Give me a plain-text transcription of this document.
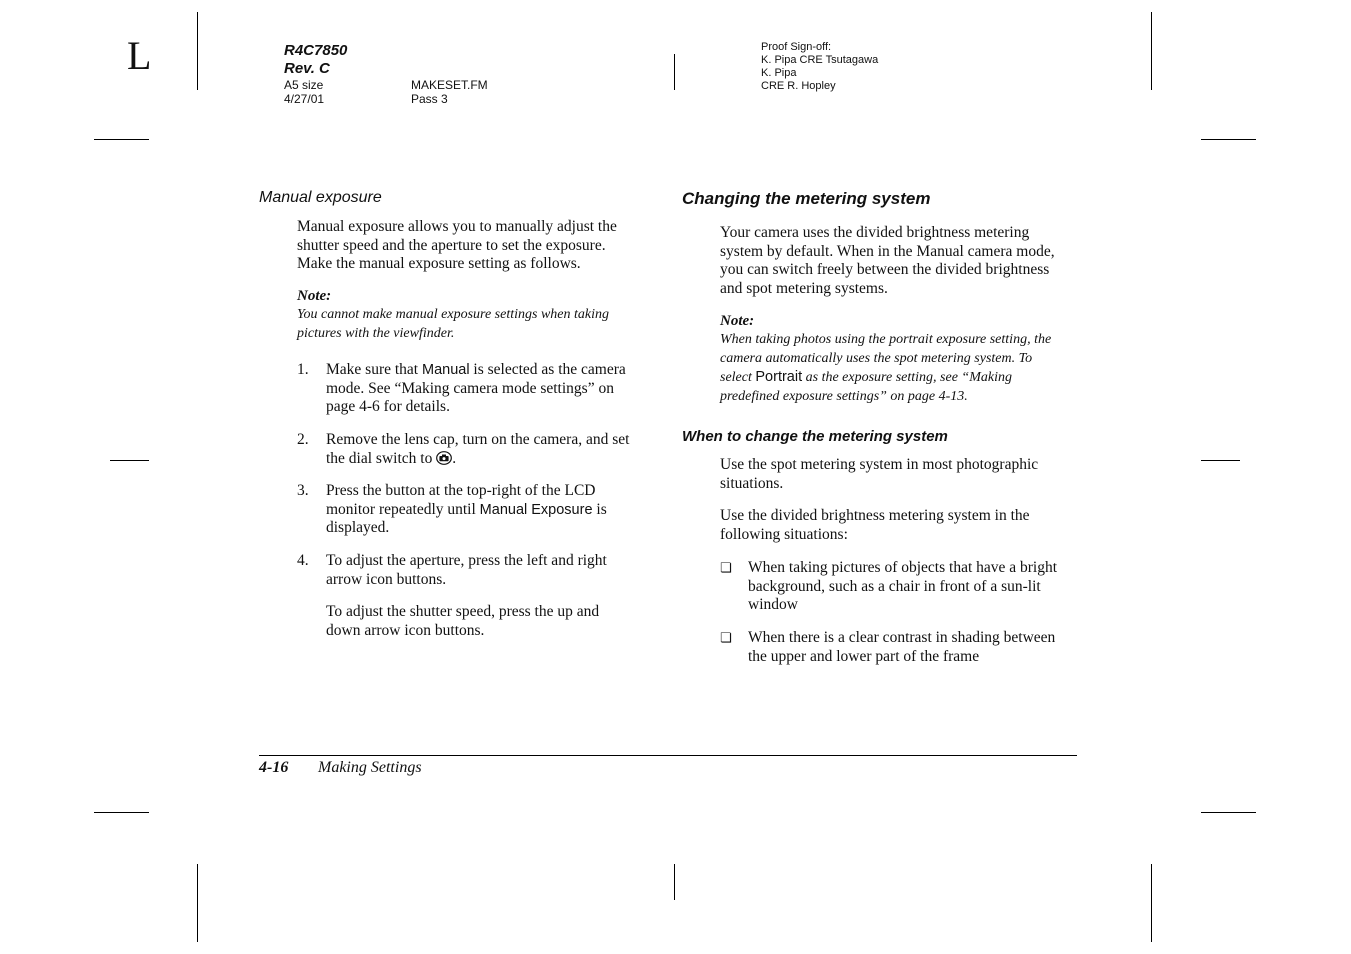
L	R4C7850
Rev. C
A5 size
4/27/01
MAKESET.FM
Pass 3
Proof Sign-off:
K. Pipa CRE Tsutagawa
K. Pipa
CRE R. Hopley
Manual exposure
Manual exposure allows you to manually adjust the
shutter speed and the aperture to set the exposure.
Make the manual exposure setting as follows.
Note:
You cannot make manual exposure settings when taking
pictures with the viewfinder.
1. Make sure that Manual is selected as the camera
mode. See “Making camera mode settings” on
page 4-6 for details.
2. Remove the lens cap, turn on the camera, and set
the dial switch to .
3. Press the button at the top-right of the LCD
monitor repeatedly until Manual Exposure is
displayed.
4. To adjust the aperture, press the left and right
arrow icon buttons.
To adjust the shutter speed, press the up and
down arrow icon buttons.
Changing the metering system
Your camera uses the divided brightness metering
system by default. When in the Manual camera mode,
you can switch freely between the divided brightness
and spot metering systems.
Note:
When taking photos using the portrait exposure setting, the
camera automatically uses the spot metering system. To
select Portrait as the exposure setting, see “Making
predefined exposure settings” on page 4-13.
When to change the metering system
Use the spot metering system in most photographic
situations.
Use the divided brightness metering system in the
following situations:
❏ When taking pictures of objects that have a bright
background, such as a chair in front of a sun-lit
window
❏ When there is a clear contrast in shading between
the upper and lower part of the frame
4-16 Making Settings
